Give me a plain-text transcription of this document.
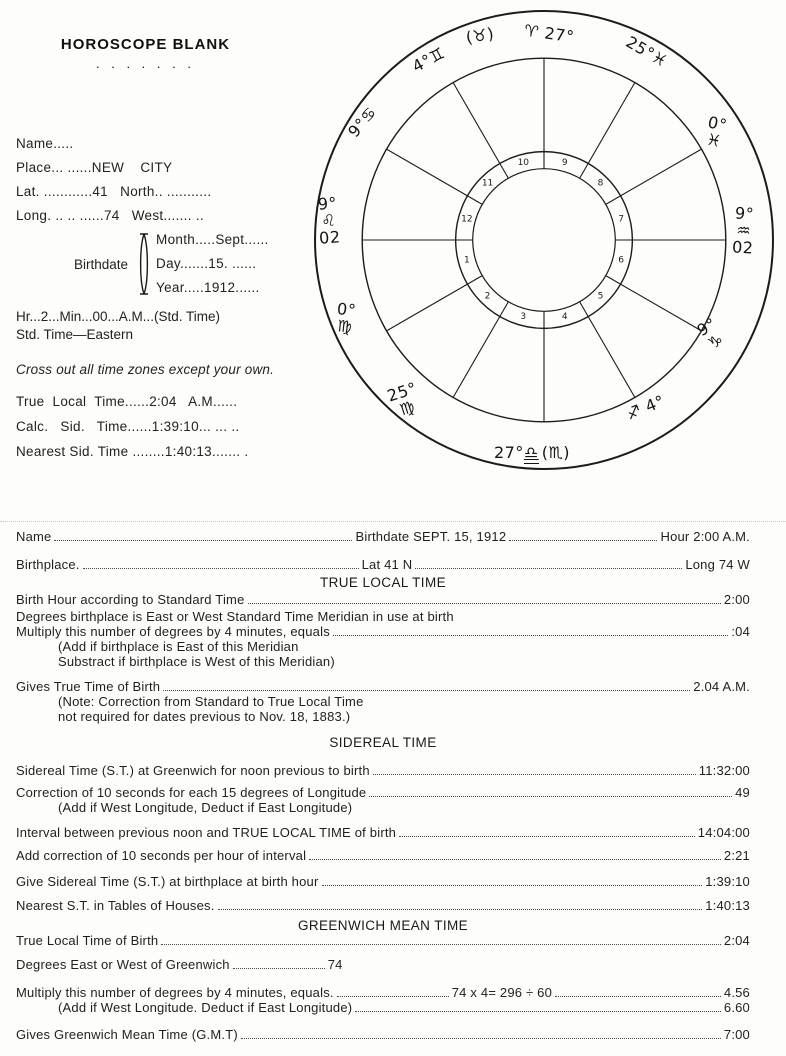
HOROSCOPE BLANK
. . . . . . .
Name.....
Place... ......NEW    CITY
Lat. ............41   North.. ...........
Long. .. .. ......74   West....... ..
Birthdate
Month.....Sept......
Day.......15. ......
Year.....1912......
Hr...2...Min...00...A.M...(Std. Time)
Std. Time—Eastern
Cross out all time zones except your own.
True  Local  Time......2:04   A.M......
Calc.   Sid.   Time......1:39:10... ... ..
Nearest Sid. Time ........1:40:13....... .
1
2
3	4
5
6
7
8
9
10
11
12
9°♋
4°♊
(♉) ♈ 27°	25°♓
0°
♓
9°
♒
02
9°
♑
♐ 4°

27°♎ (♏)

25°
♍
0°
♍
9°
♌
02
Name	Birthdate SEPT. 15, 1912	Hour 2:00 A.M.
Birthplace.	Lat 41 N	Long 74 W
TRUE LOCAL TIME
Birth Hour according to Standard Time	2:00
Degrees birthplace is East or West Standard Time Meridian in use at birth
Multiply this number of degrees by 4 minutes, equals	:04
(Add if birthplace is East of this Meridian
Substract if birthplace is West of this Meridian)
Gives True Time of Birth	2.04 A.M.
(Note: Correction from Standard to True Local Time
not required for dates previous to Nov. 18, 1883.)
SIDEREAL TIME
Sidereal Time (S.T.) at Greenwich for noon previous to birth	11:32:00
Correction of 10 seconds for each 15 degrees of Longitude	49
(Add if West Longitude, Deduct if East Longitude)
Interval between previous noon and TRUE LOCAL TIME of birth	14:04:00
Add correction of 10 seconds per hour of interval	2:21
Give Sidereal Time (S.T.) at birthplace at birth hour	1:39:10
Nearest S.T. in Tables of Houses.	1:40:13
GREENWICH MEAN TIME
True Local Time of Birth	2:04
Degrees East or West of Greenwich	74
Multiply this number of degrees by 4 minutes, equals.	74 x 4= 296 ÷ 60	4.56
(Add if West Longitude. Deduct if East Longitude)	6.60
Gives Greenwich Mean Time (G.M.T)	7:00
